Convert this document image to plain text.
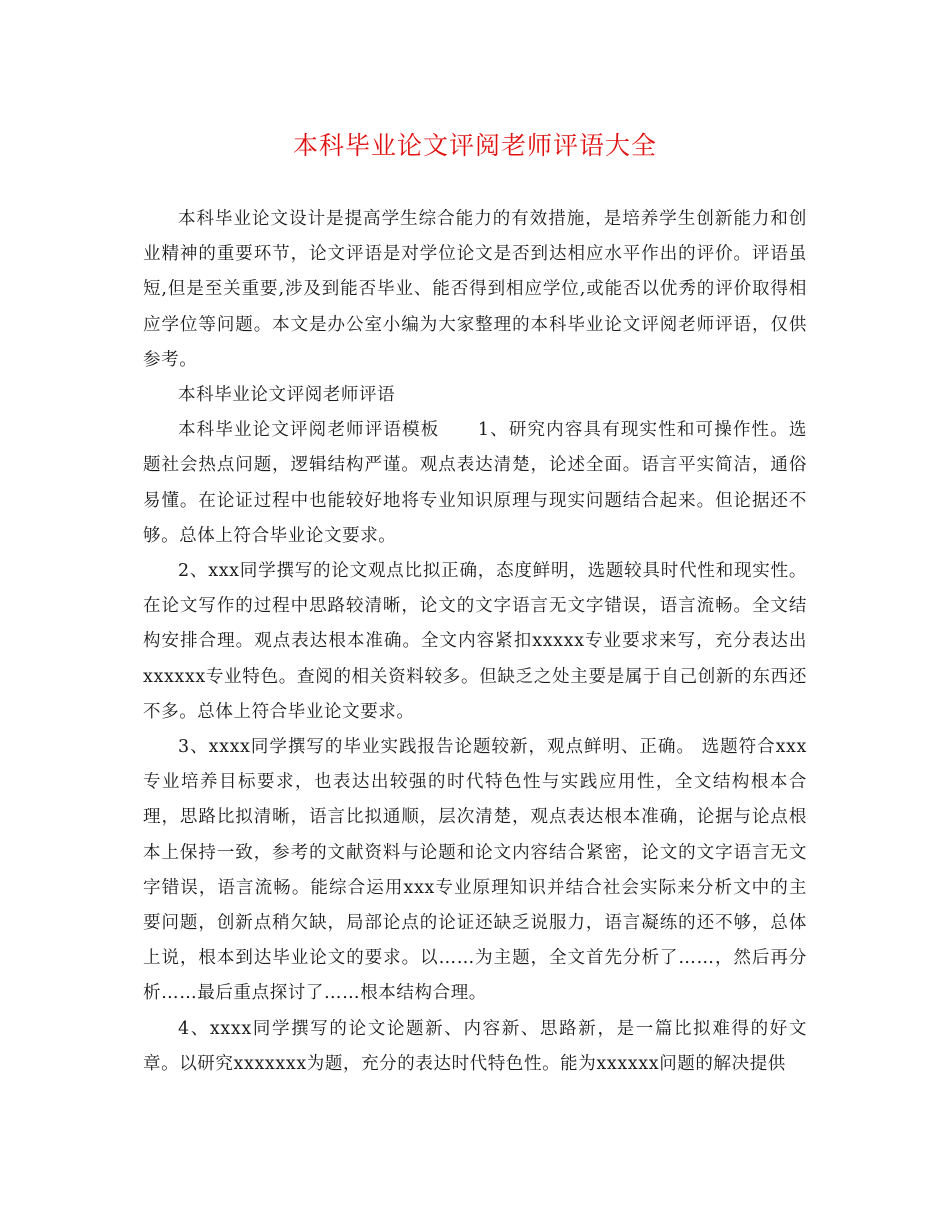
本科毕业论文评阅老师评语大全

本科毕业论文设计是提高学生综合能力的有效措施，是培养学生创新能力和创业精神的重要环节，论文评语是对学位论文是否到达相应水平作出的评价。评语虽短,但是至关重要,涉及到能否毕业、能否得到相应学位,或能否以优秀的评价取得相应学位等问题。本文是办公室小编为大家整理的本科毕业论文评阅老师评语，仅供参考。

本科毕业论文评阅老师评语

本科毕业论文评阅老师评语模板 1、研究内容具有现实性和可操作性。选题社会热点问题，逻辑结构严谨。观点表达清楚，论述全面。语言平实简洁，通俗易懂。在论证过程中也能较好地将专业知识原理与现实问题结合起来。但论据还不够。总体上符合毕业论文要求。

2、xxx同学撰写的论文观点比拟正确，态度鲜明，选题较具时代性和现实性。在论文写作的过程中思路较清晰，论文的文字语言无文字错误，语言流畅。全文结构安排合理。观点表达根本准确。全文内容紧扣xxxxx专业要求来写，充分表达出xxxxxx专业特色。查阅的相关资料较多。但缺乏之处主要是属于自己创新的东西还不多。总体上符合毕业论文要求。

3、xxxx同学撰写的毕业实践报告论题较新，观点鲜明、正确。 选题符合xxx专业培养目标要求，也表达出较强的时代特色性与实践应用性，全文结构根本合理，思路比拟清晰，语言比拟通顺，层次清楚，观点表达根本准确，论据与论点根本上保持一致，参考的文献资料与论题和论文内容结合紧密，论文的文字语言无文字错误，语言流畅。能综合运用xxx专业原理知识并结合社会实际来分析文中的主要问题，创新点稍欠缺，局部论点的论证还缺乏说服力，语言凝练的还不够，总体上说，根本到达毕业论文的要求。以……为主题，全文首先分析了……，然后再分析……最后重点探讨了……根本结构合理。

4、xxxx同学撰写的论文论题新、内容新、思路新，是一篇比拟难得的好文章。以研究xxxxxxx为题，充分的表达时代特色性。能为xxxxxx问题的解决提供
